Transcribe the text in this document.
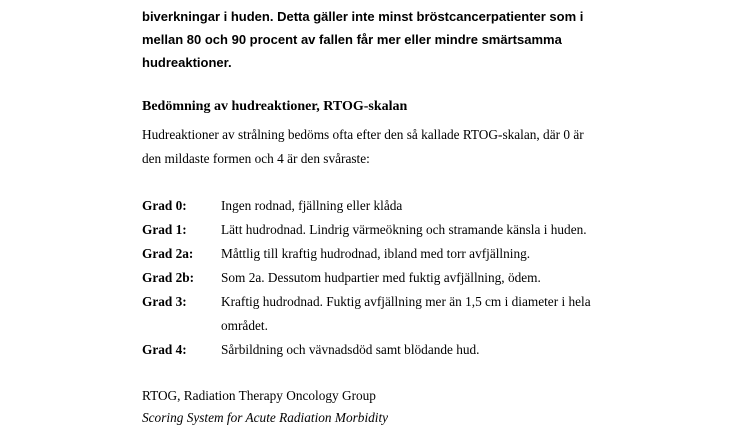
biverkningar i huden. Detta gäller inte minst bröstcancerpatienter som i
mellan 80 och 90 procent av fallen får mer eller mindre smärtsamma
hudreaktioner.
Bedömning av hudreaktioner, RTOG-skalan
Hudreaktioner av strålning bedöms ofta efter den så kallade RTOG-skalan, där 0 är
den mildaste formen och 4 är den svåraste:
Grad 0:	Ingen rodnad, fjällning eller klåda
Grad 1:	Lätt hudrodnad. Lindrig värmeökning och stramande känsla i huden.
Grad 2a:	Måttlig till kraftig hudrodnad, ibland med torr avfjällning.
Grad 2b:	Som 2a. Dessutom hudpartier med fuktig avfjällning, ödem.
Grad 3:	Kraftig hudrodnad. Fuktig avfjällning mer än 1,5 cm i diameter i hela området.
Grad 4:	Sårbildning och vävnadsdöd samt blödande hud.
RTOG, Radiation Therapy Oncology Group
Scoring System for Acute Radiation Morbidity
